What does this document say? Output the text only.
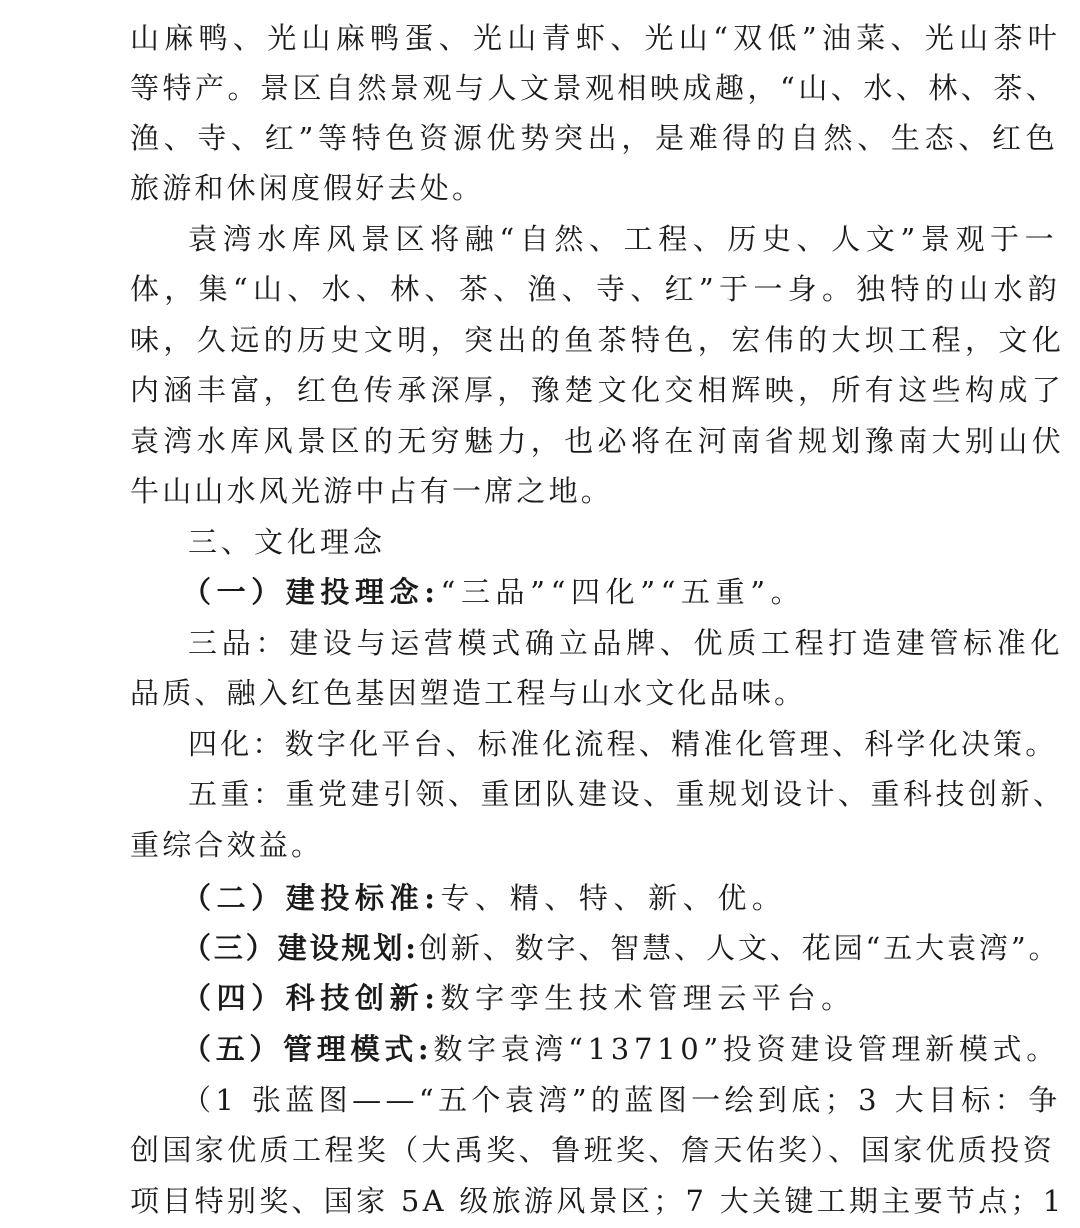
山麻鸭、光山麻鸭蛋、光山青虾、光山“双低”油菜、光山茶叶
等特产。景区自然景观与人文景观相映成趣，“山、水、林、茶、
渔、寺、红”等特色资源优势突出，是难得的自然、生态、红色
旅游和休闲度假好去处。
袁湾水库风景区将融“自然、工程、历史、人文”景观于一
体，集“山、水、林、茶、渔、寺、红”于一身。独特的山水韵
味，久远的历史文明，突出的鱼茶特色，宏伟的大坝工程，文化
内涵丰富，红色传承深厚，豫楚文化交相辉映，所有这些构成了
袁湾水库风景区的无穷魅力，也必将在河南省规划豫南大别山伏
牛山山水风光游中占有一席之地。
三、文化理念
（一）建投理念:“三品”“四化”“五重”。
三品：建设与运营模式确立品牌、优质工程打造建管标准化
品质、融入红色基因塑造工程与山水文化品味。
四化：数字化平台、标准化流程、精准化管理、科学化决策。
五重：重党建引领、重团队建设、重规划设计、重科技创新、
重综合效益。
（二）建投标准:专、精、特、新、优。
（三）建设规划:创新、数字、智慧、人文、花园“五大袁湾”。
（四）科技创新:数字孪生技术管理云平台。
（五）管理模式:数字袁湾“13710”投资建设管理新模式。
（1 张蓝图——“五个袁湾”的蓝图一绘到底；3 大目标：争
创国家优质工程奖（大禹奖、鲁班奖、詹天佑奖）、国家优质投资
项目特别奖、国家 5A 级旅游风景区；7 大关键工期主要节点；1
